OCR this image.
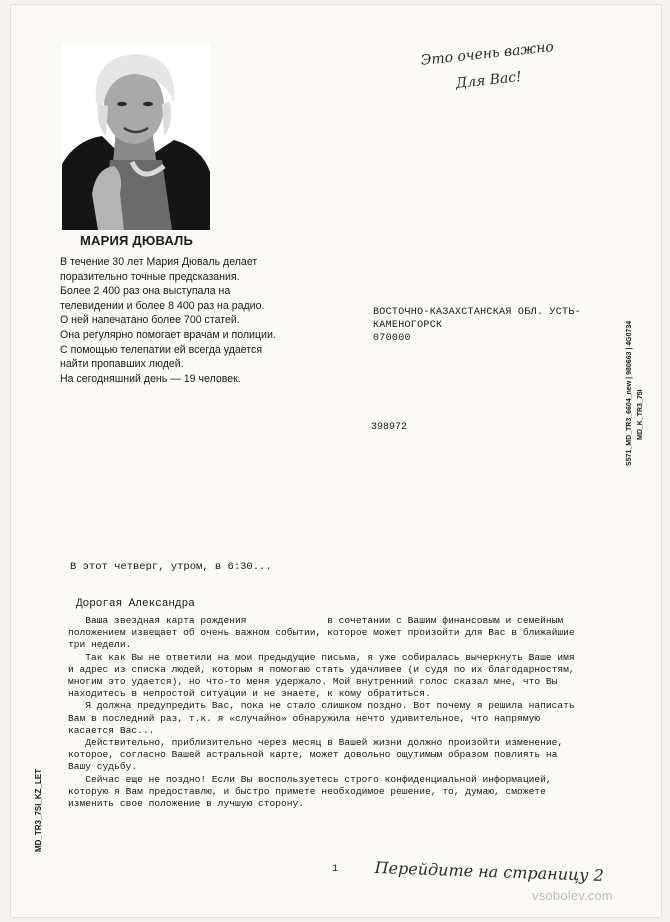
МАРИЯ ДЮВАЛЬ
В течение 30 лет Мария Дюваль делает
поразительно точные предсказания.
Более 2 400 раз она выступала на
телевидении и более 8 400 раз на радио.
О ней напечатано более 700 статей.
Она регулярно помогает врачам и полиции.
С помощью телепатии ей всегда удается
найти пропавших людей.
На сегодняшний день — 19 человек.
Это очень важно
Для Вас!
ВОСТОЧНО-КАЗАХСТАНСКАЯ ОБЛ. УСТЬ-
КАМЕНОГОРСК
070000
398972	S571_MD_TR3_6604_new | 980663 | 4G0734 MD_K_TR3_75I
MD_TR3_7SI_KZ_LET
В этот четверг, утром, в 6:30...
Дорогая Александра

Ваша звездная карта рождения              в сочетании с Вашим финансовым и семейным
положением извещает об очень важном событии, которое может произойти для Вас в ближайшие
три недели.

Так как Вы не ответили на мои предыдущие письма, я уже собиралась вычеркнуть Ваше имя
и адрес из списка людей, которым я помогаю стать удачливее (и судя по их благодарностям,
многим это удается), но что-то меня удержало. Мой внутренний голос сказал мне, что Вы
находитесь в непростой ситуации и не знаете, к кому обратиться.

Я должна предупредить Вас, пока не стало слишком поздно. Вот почему я решила написать
Вам в последний раз, т.к. я «случайно» обнаружила нечто удивительное, что напрямую
касается Вас...

Действительно, приблизительно через месяц в Вашей жизни должно произойти изменение,
которое, согласно Вашей астральной карте, может довольно ощутимым образом повлиять на
Вашу судьбу.

Сейчас еще не поздно! Если Вы воспользуетесь строго конфиденциальной информацией,
которую я Вам предоставлю, и быстро примете необходимое решение, то, думаю, сможете
изменить свое положение в лучшую сторону.

1 Перейдите на страницу 2
vsobolev.com
